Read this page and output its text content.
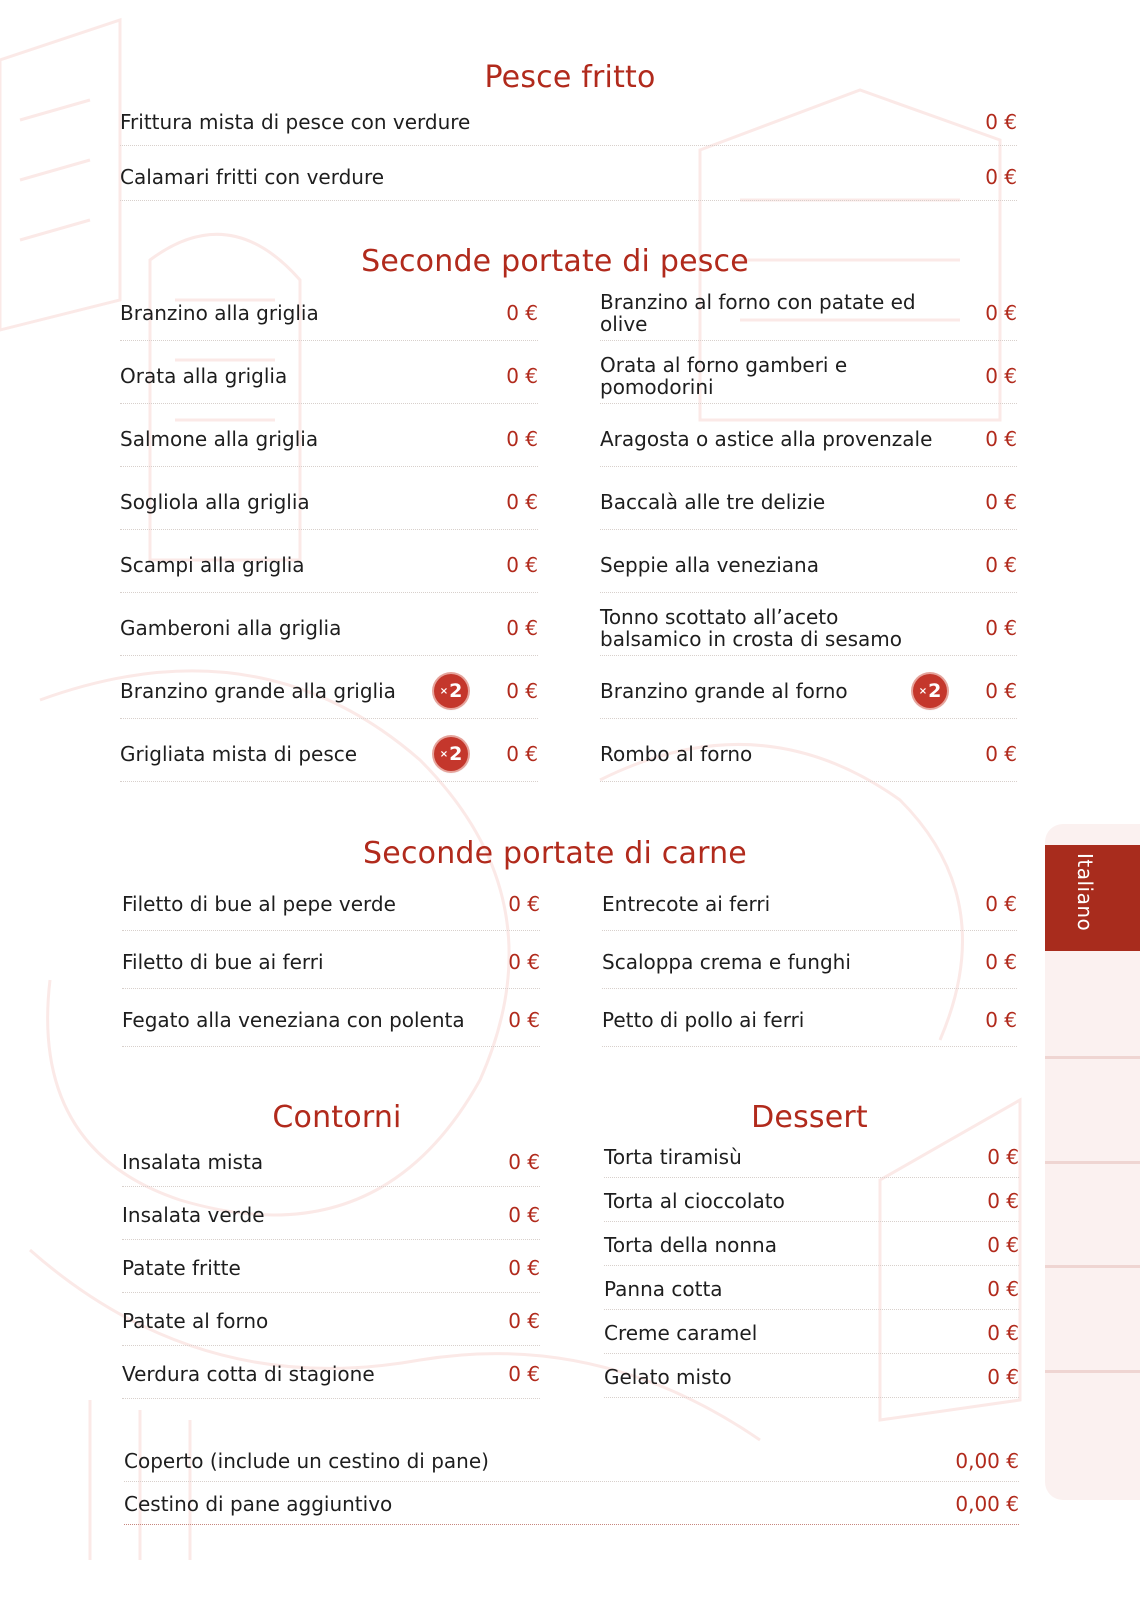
Italiano
Pesce fritto
Frittura mista di pesce con verdure	0 €
Calamari fritti con verdure	0 €
Seconde portate di pesce
Branzino alla griglia	0 €
Orata alla griglia	0 €
Salmone alla griglia	0 €
Sogliola alla griglia	0 €
Scampi alla griglia	0 €
Gamberoni alla griglia	0 €
Branzino grande alla griglia	× 2	0 €
Grigliata mista di pesce	× 2	0 €
Branzino al forno con patate ed olive	0 €
Orata al forno gamberi e pomodorini	0 €
Aragosta o astice alla provenzale	0 €
Baccalà alle tre delizie	0 €
Seppie alla veneziana	0 €
Tonno scottato all’aceto balsamico in crosta di sesamo	0 €
Branzino grande al forno	× 2	0 €
Rombo al forno	0 €
Seconde portate di carne
Filetto di bue al pepe verde	0 €
Filetto di bue ai ferri	0 €
Fegato alla veneziana con polenta	0 €
Entrecote ai ferri	0 €
Scaloppa crema e funghi	0 €
Petto di pollo ai ferri	0 €
Contorni
Insalata mista	0 €
Insalata verde	0 €
Patate fritte	0 €
Patate al forno	0 €
Verdura cotta di stagione	0 €
Dessert
Torta tiramisù	0 €
Torta al cioccolato	0 €
Torta della nonna	0 €
Panna cotta	0 €
Creme caramel	0 €
Gelato misto	0 €
Coperto (include un cestino di pane)	0,00 €
Cestino di pane aggiuntivo	0,00 €
